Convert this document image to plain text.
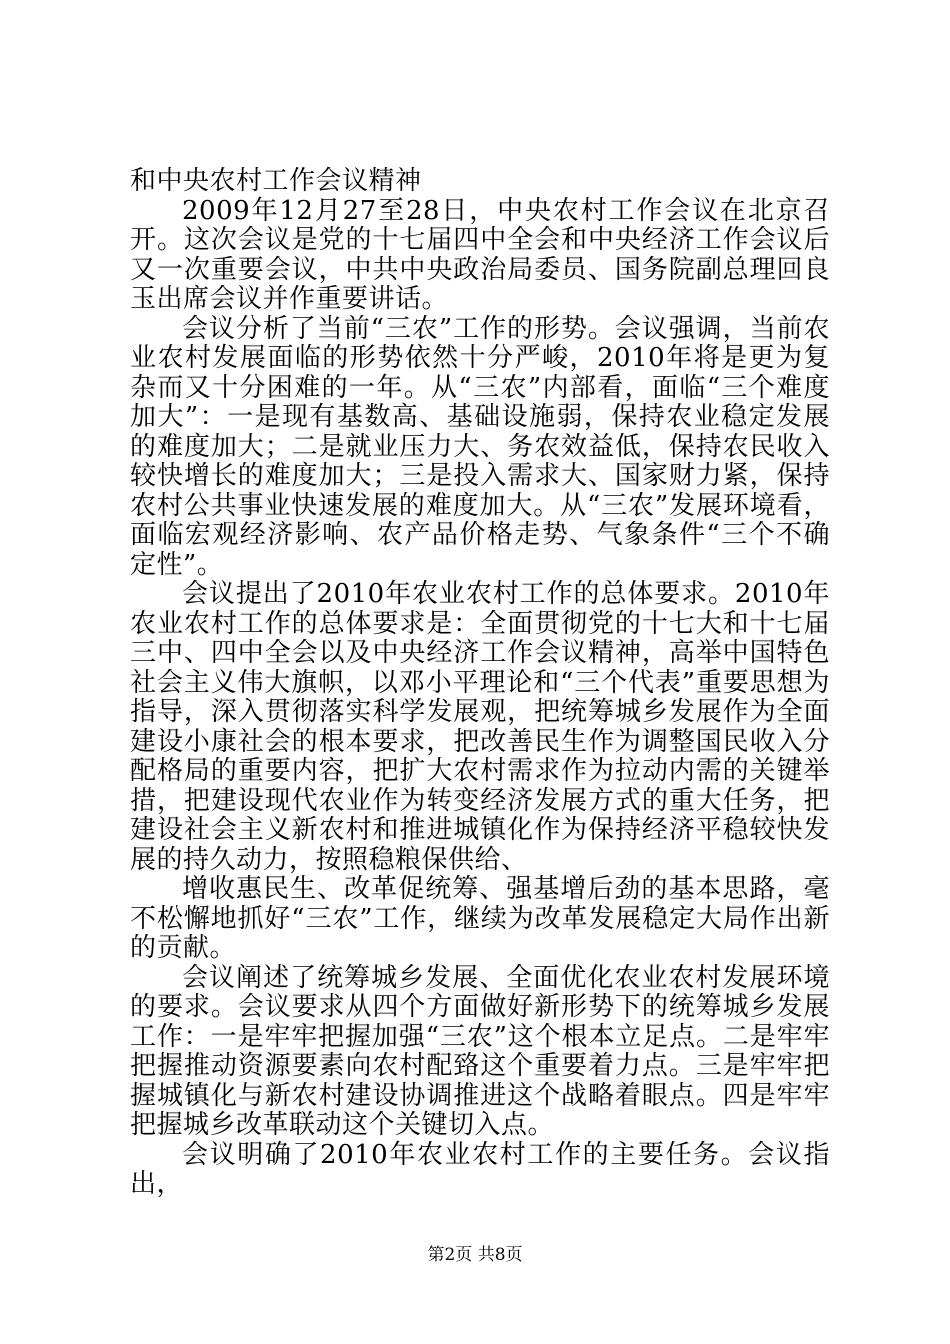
和中央农村工作会议精神

2009年12月27至28日，中央农村工作会议在北京召开。这次会议是党的十七届四中全会和中央经济工作会议后又一次重要会议，中共中央政治局委员、国务院副总理回良玉出席会议并作重要讲话。

会议分析了当前“三农”工作的形势。会议强调，当前农业农村发展面临的形势依然十分严峻，2010年将是更为复杂而又十分困难的一年。从“三农”内部看，面临“三个难度加大”：一是现有基数高、基础设施弱，保持农业稳定发展的难度加大；二是就业压力大、务农效益低，保持农民收入较快增长的难度加大；三是投入需求大、国家财力紧，保持农村公共事业快速发展的难度加大。从“三农”发展环境看，面临宏观经济影响、农产品价格走势、气象条件“三个不确定性”。

会议提出了2010年农业农村工作的总体要求。2010年农业农村工作的总体要求是：全面贯彻党的十七大和十七届三中、四中全会以及中央经济工作会议精神，高举中国特色社会主义伟大旗帜，以邓小平理论和“三个代表”重要思想为指导，深入贯彻落实科学发展观，把统筹城乡发展作为全面建设小康社会的根本要求，把改善民生作为调整国民收入分配格局的重要内容，把扩大农村需求作为拉动内需的关键举措，把建设现代农业作为转变经济发展方式的重大任务，把建设社会主义新农村和推进城镇化作为保持经济平稳较快发展的持久动力，按照稳粮保供给、

增收惠民生、改革促统筹、强基增后劲的基本思路，毫不松懈地抓好“三农”工作，继续为改革发展稳定大局作出新的贡献。

会议阐述了统筹城乡发展、全面优化农业农村发展环境的要求。会议要求从四个方面做好新形势下的统筹城乡发展工作：一是牢牢把握加强“三农”这个根本立足点。二是牢牢把握推动资源要素向农村配臵这个重要着力点。三是牢牢把握城镇化与新农村建设协调推进这个战略着眼点。四是牢牢把握城乡改革联动这个关键切入点。

会议明确了2010年农业农村工作的主要任务。会议指出，

第2页 共8页
